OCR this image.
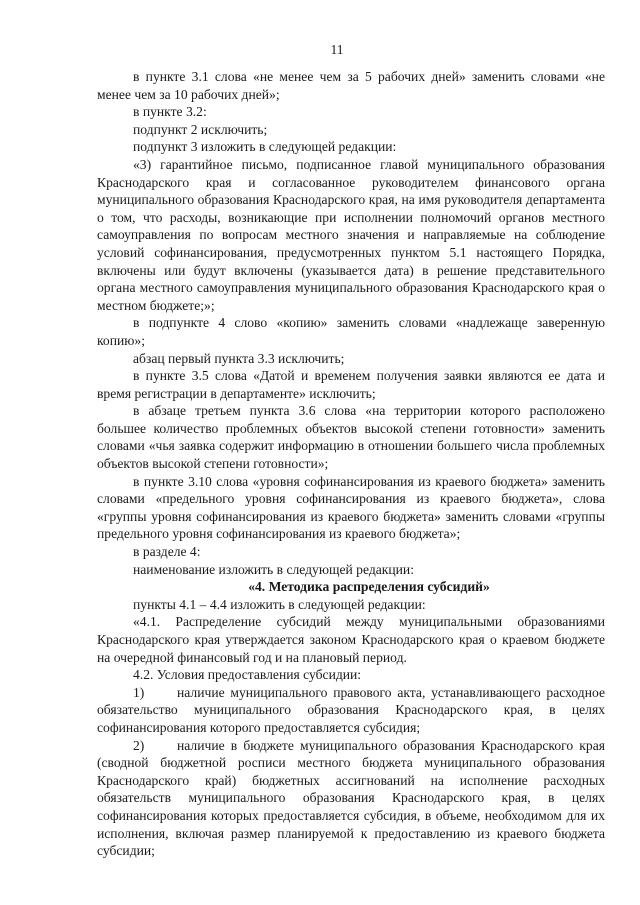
11

в пункте 3.1 слова «не менее чем за 5 рабочих дней» заменить словами «не менее чем за 10 рабочих дней»;

в пункте 3.2:

подпункт 2 исключить;

подпункт 3 изложить в следующей редакции:

«3) гарантийное письмо, подписанное главой муниципального образования Краснодарского края и согласованное руководителем финансового органа муниципального образования Краснодарского края, на имя руководителя департамента о том, что расходы, возникающие при исполнении полномочий органов местного самоуправления по вопросам местного значения и направляемые на соблюдение условий софинансирования, предусмотренных пунктом 5.1 настоящего Порядка, включены или будут включены (указывается дата) в решение представительного органа местного самоуправления муниципального образования Краснодарского края о местном бюджете;»;

в подпункте 4 слово «копию» заменить словами «надлежаще заверенную копию»;

абзац первый пункта 3.3 исключить;

в пункте 3.5 слова «Датой и временем получения заявки являются ее дата и время регистрации в департаменте» исключить;

в абзаце третьем пункта 3.6 слова «на территории которого расположено большее количество проблемных объектов высокой степени готовности» заменить словами «чья заявка содержит информацию в отношении большего числа проблемных объектов высокой степени готовности»;

в пункте 3.10 слова «уровня софинансирования из краевого бюджета» заменить словами «предельного уровня софинансирования из краевого бюджета», слова «группы уровня софинансирования из краевого бюджета» заменить словами «группы предельного уровня софинансирования из краевого бюджета»;

в разделе 4:

наименование изложить в следующей редакции:

«4. Методика распределения субсидий»

пункты 4.1 – 4.4 изложить в следующей редакции:

«4.1. Распределение субсидий между муниципальными образованиями Краснодарского края утверждается законом Краснодарского края о краевом бюджете на очередной финансовый год и на плановый период.

4.2. Условия предоставления субсидии:

1) наличие муниципального правового акта, устанавливающего расходное обязательство муниципального образования Краснодарского края, в целях софинансирования которого предоставляется субсидия;

2) наличие в бюджете муниципального образования Краснодарского края (сводной бюджетной росписи местного бюджета муниципального образования Краснодарского край) бюджетных ассигнований на исполнение расходных обязательств муниципального образования Краснодарского края, в целях софинансирования которых предоставляется субсидия, в объеме, необходимом для их исполнения, включая размер планируемой к предоставлению из краевого бюджета субсидии;
